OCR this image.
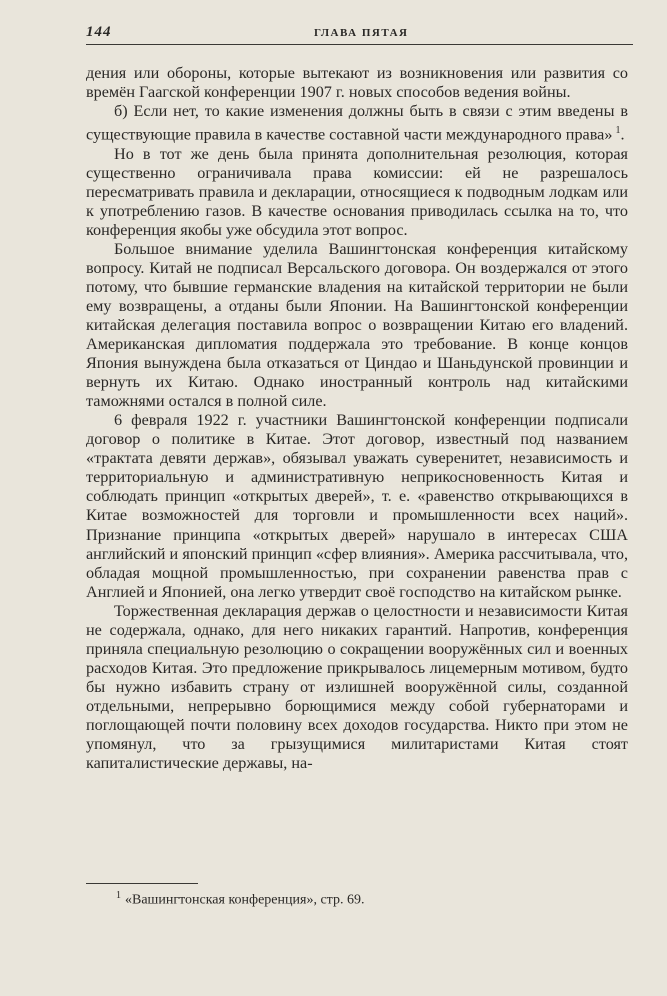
144	ГЛАВА ПЯТАЯ

дения или обороны, которые вытекают из возникновения или развития со времён Гаагской конференции 1907 г. новых способов ведения войны.

б) Если нет, то какие изменения должны быть в связи с этим введены в существующие правила в качестве составной части международного права» $^1$.

Но в тот же день была принята дополнительная резолюция, которая существенно ограничивала права комиссии: ей не разрешалось пересматривать правила и декларации, относящиеся к подводным лодкам или к употреблению газов. В качестве основания приводилась ссылка на то, что конференция якобы уже обсудила этот вопрос.

Большое внимание уделила Вашингтонская конференция китайскому вопросу. Китай не подписал Версальского договора. Он воздержался от этого потому, что бывшие германские владения на китайской территории не были ему возвращены, а отданы были Японии. На Вашингтонской конференции китайская делегация поставила вопрос о возвращении Китаю его владений. Американская дипломатия поддержала это требование. В конце концов Япония вынуждена была отказаться от Циндао и Шаньдунской провинции и вернуть их Китаю. Однако иностранный контроль над китайскими таможнями остался в полной силе.

6 февраля 1922 г. участники Вашингтонской конференции подписали договор о политике в Китае. Этот договор, известный под названием «трактата девяти держав», обязывал уважать суверенитет, независимость и территориальную и административную неприкосновенность Китая и соблюдать принцип «открытых дверей», т. е. «равенство открывающихся в Китае возможностей для торговли и промышленности всех наций». Признание принципа «открытых дверей» нарушало в интересах США английский и японский принцип «сфер влияния». Америка рассчитывала, что, обладая мощной промышленностью, при сохранении равенства прав с Англией и Японией, она легко утвердит своё господство на китайском рынке.

Торжественная декларация держав о целостности и независимости Китая не содержала, однако, для него никаких гарантий. Напротив, конференция приняла специальную резолюцию о сокращении вооружённых сил и военных расходов Китая. Это предложение прикрывалось лицемерным мотивом, будто бы нужно избавить страну от излишней вооружённой силы, созданной отдельными, непрерывно борющимися между собой губернаторами и поглощающей почти половину всех доходов государства. Никто при этом не упомянул, что за грызущимися милитаристами Китая стоят капиталистические державы, на-

$^1$ «Вашингтонская конференция», стр. 69.
